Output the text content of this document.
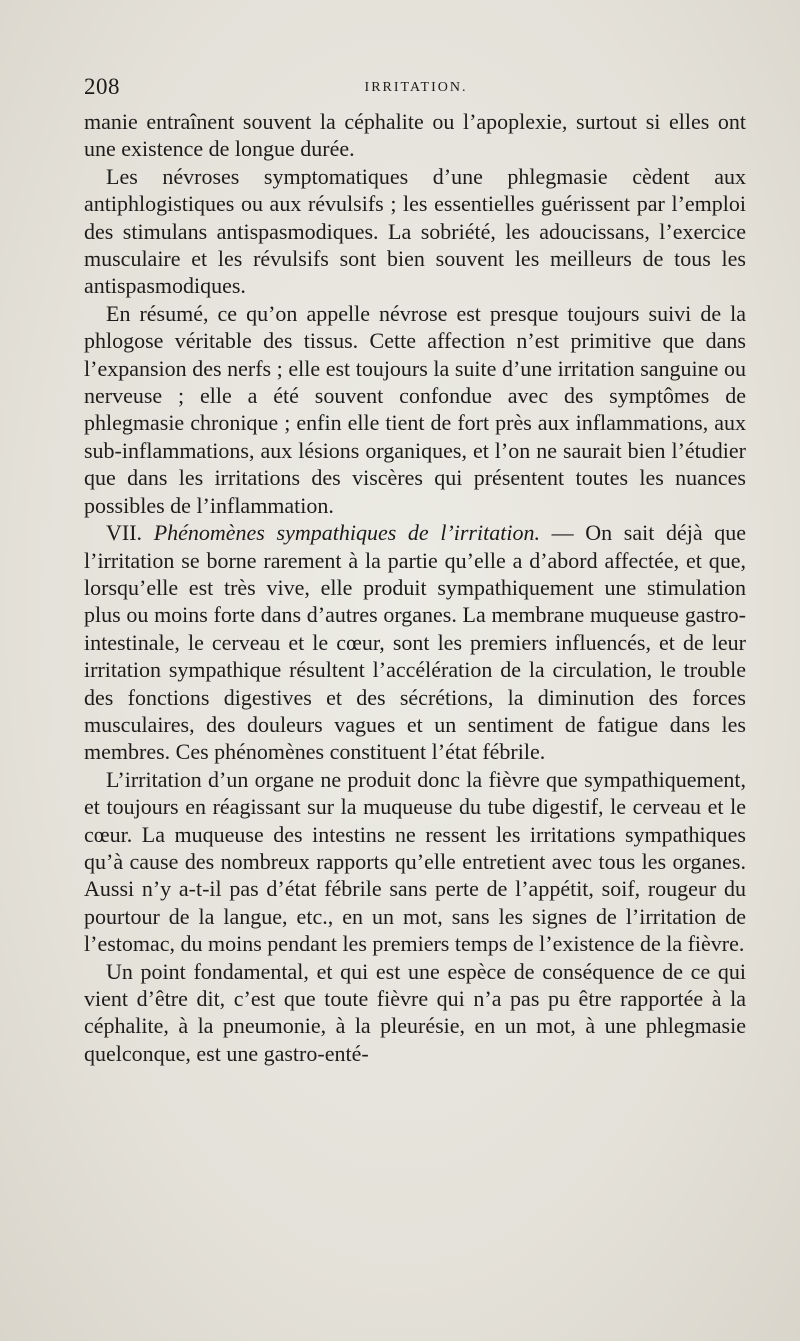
208	IRRITATION.

manie entraînent souvent la céphalite ou l’apoplexie, surtout si elles ont une existence de longue durée.

Les névroses symptomatiques d’une phlegmasie cèdent aux antiphlogistiques ou aux révulsifs ; les essentielles guérissent par l’emploi des stimulans antispasmodiques. La sobriété, les adoucissans, l’exercice musculaire et les révulsifs sont bien souvent les meilleurs de tous les antispasmodiques.

En résumé, ce qu’on appelle névrose est presque toujours suivi de la phlogose véritable des tissus. Cette affection n’est primitive que dans l’expansion des nerfs ; elle est toujours la suite d’une irritation sanguine ou nerveuse ; elle a été souvent confondue avec des symptômes de phlegmasie chronique ; enfin elle tient de fort près aux inflammations, aux sub-inflammations, aux lésions organiques, et l’on ne saurait bien l’étudier que dans les irritations des viscères qui présentent toutes les nuances possibles de l’inflammation.

VII. Phénomènes sympathiques de l’irritation. — On sait déjà que l’irritation se borne rarement à la partie qu’elle a d’abord affectée, et que, lorsqu’elle est très vive, elle produit sympathiquement une stimulation plus ou moins forte dans d’autres organes. La membrane muqueuse gastro-intestinale, le cerveau et le cœur, sont les premiers influencés, et de leur irritation sympathique résultent l’accélération de la circulation, le trouble des fonctions digestives et des sécrétions, la diminution des forces musculaires, des douleurs vagues et un sentiment de fatigue dans les membres. Ces phénomènes constituent l’état fébrile.

L’irritation d’un organe ne produit donc la fièvre que sympathiquement, et toujours en réagissant sur la muqueuse du tube digestif, le cerveau et le cœur. La muqueuse des intestins ne ressent les irritations sympathiques qu’à cause des nombreux rapports qu’elle entretient avec tous les organes. Aussi n’y a-t-il pas d’état fébrile sans perte de l’appétit, soif, rougeur du pourtour de la langue, etc., en un mot, sans les signes de l’irritation de l’estomac, du moins pendant les premiers temps de l’existence de la fièvre.

Un point fondamental, et qui est une espèce de conséquence de ce qui vient d’être dit, c’est que toute fièvre qui n’a pas pu être rapportée à la céphalite, à la pneumonie, à la pleurésie, en un mot, à une phlegmasie quelconque, est une gastro-enté-
